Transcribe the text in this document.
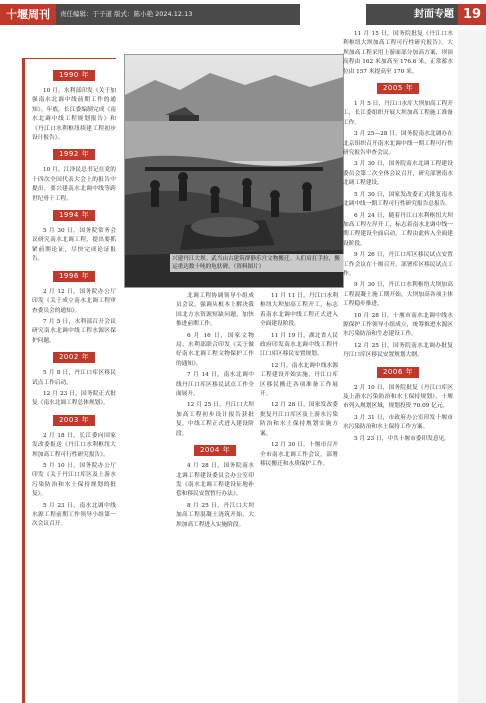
十堰周刊	责任编辑：于子道 版式：陈小艳 2024.12.13	封面专题 19
1990 年

10 月，水利部印发《关于加强南水北调中线前期工作的通知》。年底，长江委编制完成《南水北调中线工程规划报告》和《丹江口水利枢纽续建工程初步设计报告》。

1992 年

10 月，江泽民总书记在党的十四次全国代表大会上的报告中提出，要兴建南水北调中线等跨世纪骨干工程。

1994 年

5 月 30 日，国务院常务会议研究南水北调工程，提出要抓紧前期论证，尽快完成论证报告。

1996 年

2 月 12 日，国务院办公厅印发《关于成立南水北调工程审查委员会的通知》。

7 月 5 日，水利部召开会议研究南水北调中线工程水源区保护问题。

2002 年

5 月 8 日，丹江口库区移民试点工作启动。

12 月 23 日，国务院正式批复《南水北调工程总体规划》。

2003 年

2 月 18 日，长江委向国家发改委报送《丹江口水利枢纽大坝加高工程可行性研究报告》。

5 月 10 日，国务院办公厅印发《关于丹江口库区及上游水污染防治和水土保持规划的批复》。

5 月 23 日，南水北调中线水源工程前期工作领导小组第一次会议召开。

兴建丹江大坝。武当山古建筑群静乐宫文物搬迁。人们肩扛手拉，搬运重达数十吨的龟驮碑。（资料图片）

北调工程协调领导小组成员会议，强调从根本上解决我国北方水资源短缺问题，加快推进前期工作。

6 月 16 日，国家文物局、水利部联合印发《关于做好南水北调工程文物保护工作的通知》。

7 月 14 日，南水北调中线丹江口库区移民试点工作全面展开。

12 月 25 日，丹江口大坝加高工程初步设计报告获批复，中线工程正式进入建设阶段。

2004 年

4 月 28 日，国务院南水北调工程建设委员会办公室印发《南水北调工程建设征地补偿和移民安置暂行办法》。

8 月 25 日，丹江口大坝加高工程混凝土浇筑开始，大坝加高工程进入实施阶段。

11 月 11 日，丹江口水利枢纽大坝加高工程开工，标志着南水北调中线工程正式进入全面建设阶段。

11 月 19 日，湖北省人民政府印发南水北调中线工程丹江口库区移民安置规划。

12 月，南水北调中线水源工程建设开始实施，丹江口库区移民搬迁各项准备工作展开。

12 月 28 日，国家发改委批复丹江口库区及上游水污染防治和水土保持规划实施方案。

12 月 30 日，十堰市召开全市南水北调工作会议，部署移民搬迁和水质保护工作。

11 月 15 日，国务院批复《丹江口水利枢纽大坝加高工程可行性研究报告》。大坝加高工程采用上游面部分加高方案，坝顶高程由 162 米加高至 176.6 米，正常蓄水位由 157 米提高至 170 米。

2005 年

1 月 5 日，丹江口水库大坝加高工程开工，长江委组织开展大坝加高工程施工准备工作。

3 月 25—28 日，国务院南水北调办在北京组织召开南水北调中线一期工程可行性研究报告审查会议。

3 月 30 日，国务院南水北调工程建设委员会第二次全体会议召开，研究部署南水北调工程建设。

5 月 30 日，国家发改委正式批复南水北调中线一期工程可行性研究报告总报告。

6 月 24 日，随着丹江口水利枢纽大坝加高工程左岸开工，标志着南水北调中线一期工程建设全面启动，工程由此转入全面建设阶段。

9 月 26 日，丹江口库区移民试点安置工作会议在十堰召开，部署库区移民试点工作。

9 月 30 日，丹江口水利枢纽大坝加高工程混凝土施工期开始，大坝加高各项主体工程稳步推进。

10 月 28 日，十堰市南水北调中线水源保护工作领导小组成立，统筹推进水源区水污染防治和生态建设工作。

12 月 25 日，国务院南水北调办批复丹江口库区移民安置规划大纲。

2006 年

2 月 10 日，国务院批复《丹江口库区及上游水污染防治和水土保持规划》，十堰市列入规划区域，规划投资 70.09 亿元。

3 月 31 日，市政府办公室印发十堰市水污染防治和水土保持工作方案。

5 月 23 日，中共十堰市委印发意见。
